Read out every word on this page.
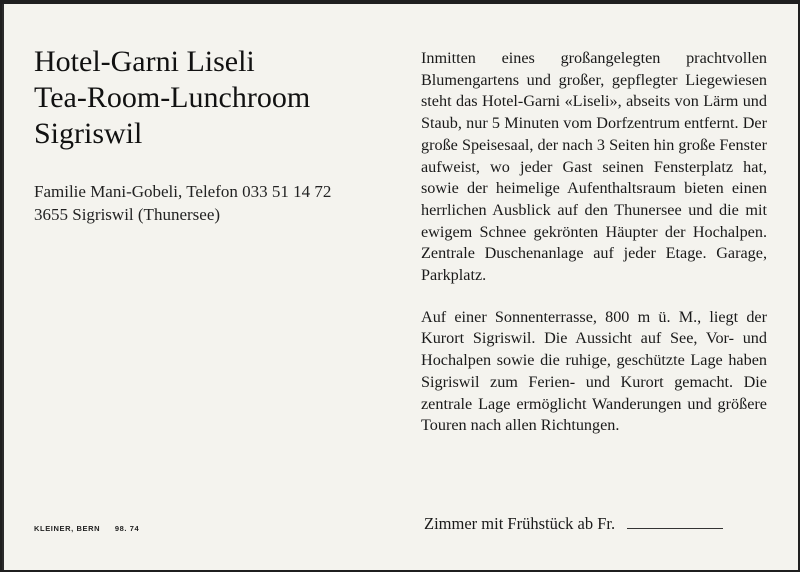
Hotel-Garni Liseli
Tea-Room-Lunchroom
Sigriswil
Familie Mani-Gobeli, Telefon 033 51 14 72
3655 Sigriswil (Thunersee)

Inmitten eines großangelegten prachtvollen Blumengartens und großer, gepflegter Liegewiesen steht das Hotel-Garni «Liseli», abseits von Lärm und Staub, nur 5 Minuten vom Dorfzentrum entfernt. Der große Speisesaal, der nach 3 Seiten hin große Fenster aufweist, wo jeder Gast seinen Fensterplatz hat, sowie der heimelige Aufenthaltsraum bieten einen herrlichen Ausblick auf den Thunersee und die mit ewigem Schnee gekrönten Häupter der Hochalpen. Zentrale Duschenanlage auf jeder Etage. Garage, Parkplatz.

Auf einer Sonnenterrasse, 800 m ü. M., liegt der Kurort Sigriswil. Die Aussicht auf See, Vor- und Hochalpen sowie die ruhige, geschützte Lage haben Sigriswil zum Ferien- und Kurort gemacht. Die zentrale Lage ermöglicht Wanderungen und größere Touren nach allen Richtungen.

KLEINER, BERN 98. 74	Zimmer mit Frühstück ab Fr.
